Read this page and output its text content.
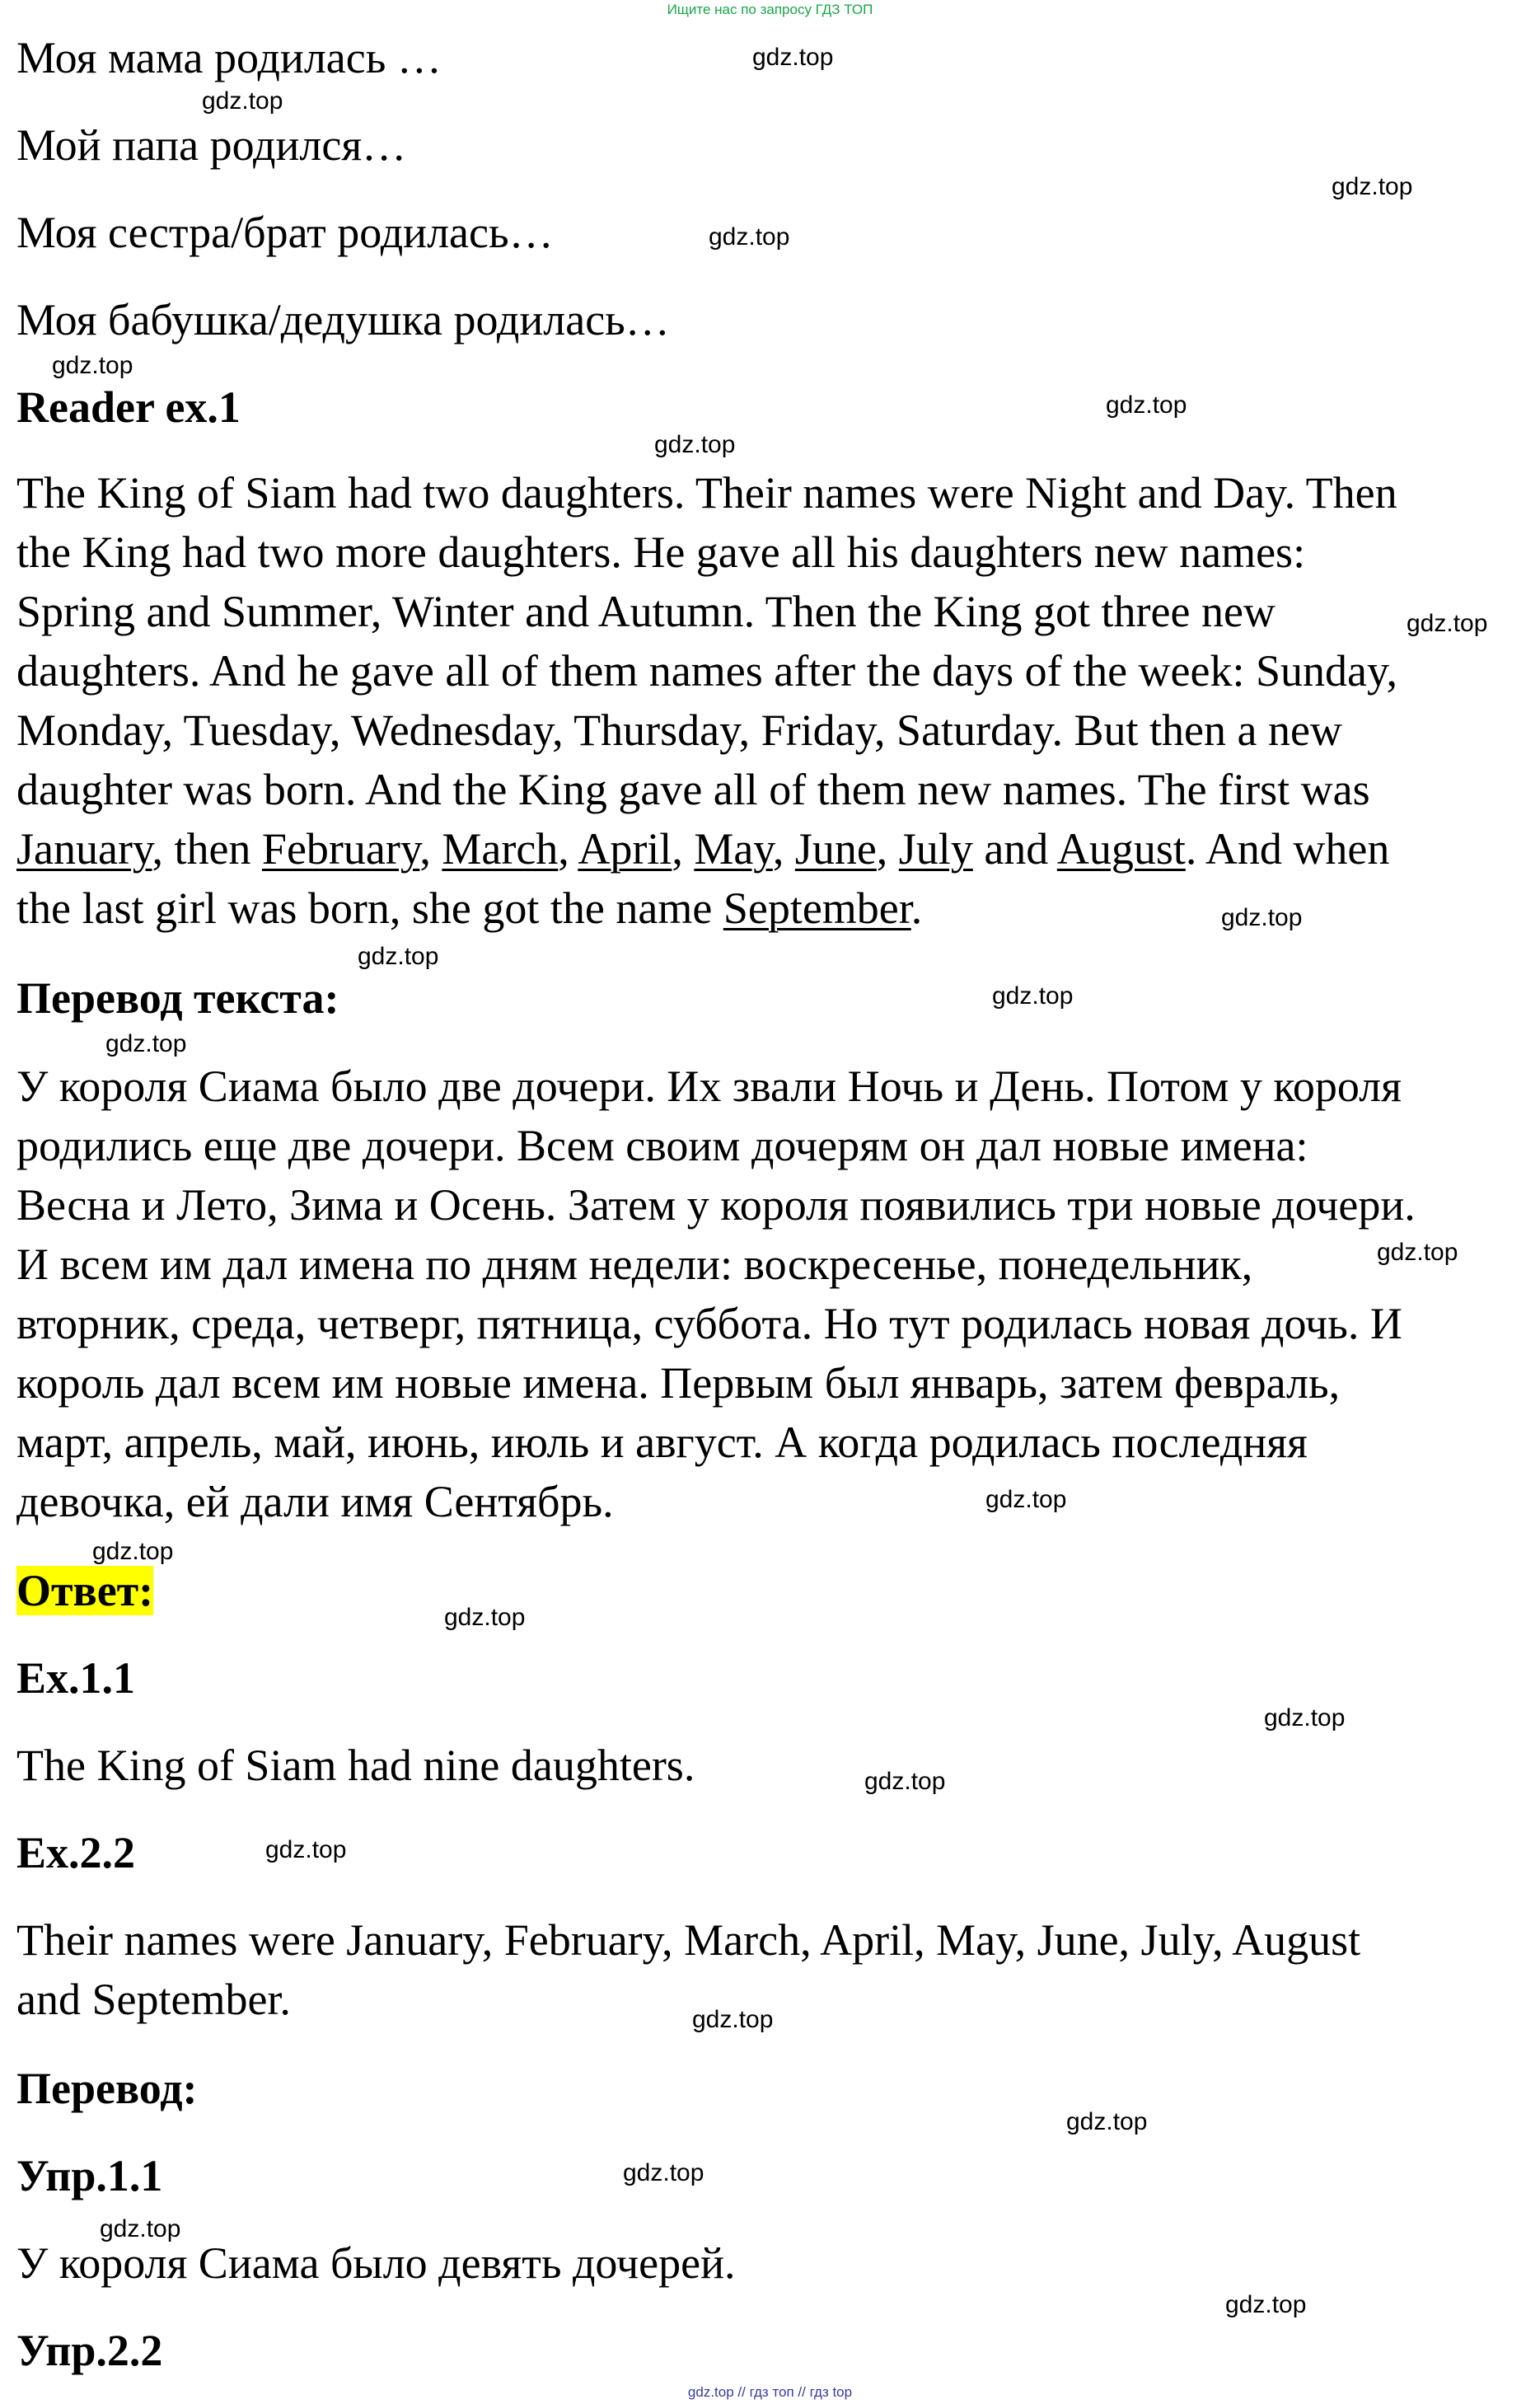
Ищите нас по запросу ГДЗ ТОП
Моя мама родилась …
Мой папа родился…
Моя сестра/брат родилась…
Моя бабушка/дедушка родилась…
Reader ex.1
The King of Siam had two daughters. Their names were Night and Day. Then
the King had two more daughters. He gave all his daughters new names:
Spring and Summer, Winter and Autumn. Then the King got three new
daughters. And he gave all of them names after the days of the week: Sunday,
Monday, Tuesday, Wednesday, Thursday, Friday, Saturday. But then a new
daughter was born. And the King gave all of them new names. The first was
January, then February, March, April, May, June, July and August. And when
the last girl was born, she got the name September.
Перевод текста:
У короля Сиама было две дочери. Их звали Ночь и День. Потом у короля
родились еще две дочери. Всем своим дочерям он дал новые имена:
Весна и Лето, Зима и Осень. Затем у короля появились три новые дочери.
И всем им дал имена по дням недели: воскресенье, понедельник,
вторник, среда, четверг, пятница, суббота. Но тут родилась новая дочь. И
король дал всем им новые имена. Первым был январь, затем февраль,
март, апрель, май, июнь, июль и август. А когда родилась последняя
девочка, ей дали имя Сентябрь.
Ответ:
Ex.1.1
The King of Siam had nine daughters.
Ex.2.2
Their names were January, February, March, April, May, June, July, August
and September.
Перевод:
Упр.1.1
У короля Сиама было девять дочерей.
Упр.2.2
gdz.top
gdz.top
gdz.top
gdz.top
gdz.top
gdz.top
gdz.top
gdz.top
gdz.top
gdz.top
gdz.top
gdz.top
gdz.top
gdz.top
gdz.top
gdz.top
gdz.top
gdz.top
gdz.top
gdz.top
gdz.top
gdz.top
gdz.top
gdz.top
gdz.top // гдз топ // гдз top
